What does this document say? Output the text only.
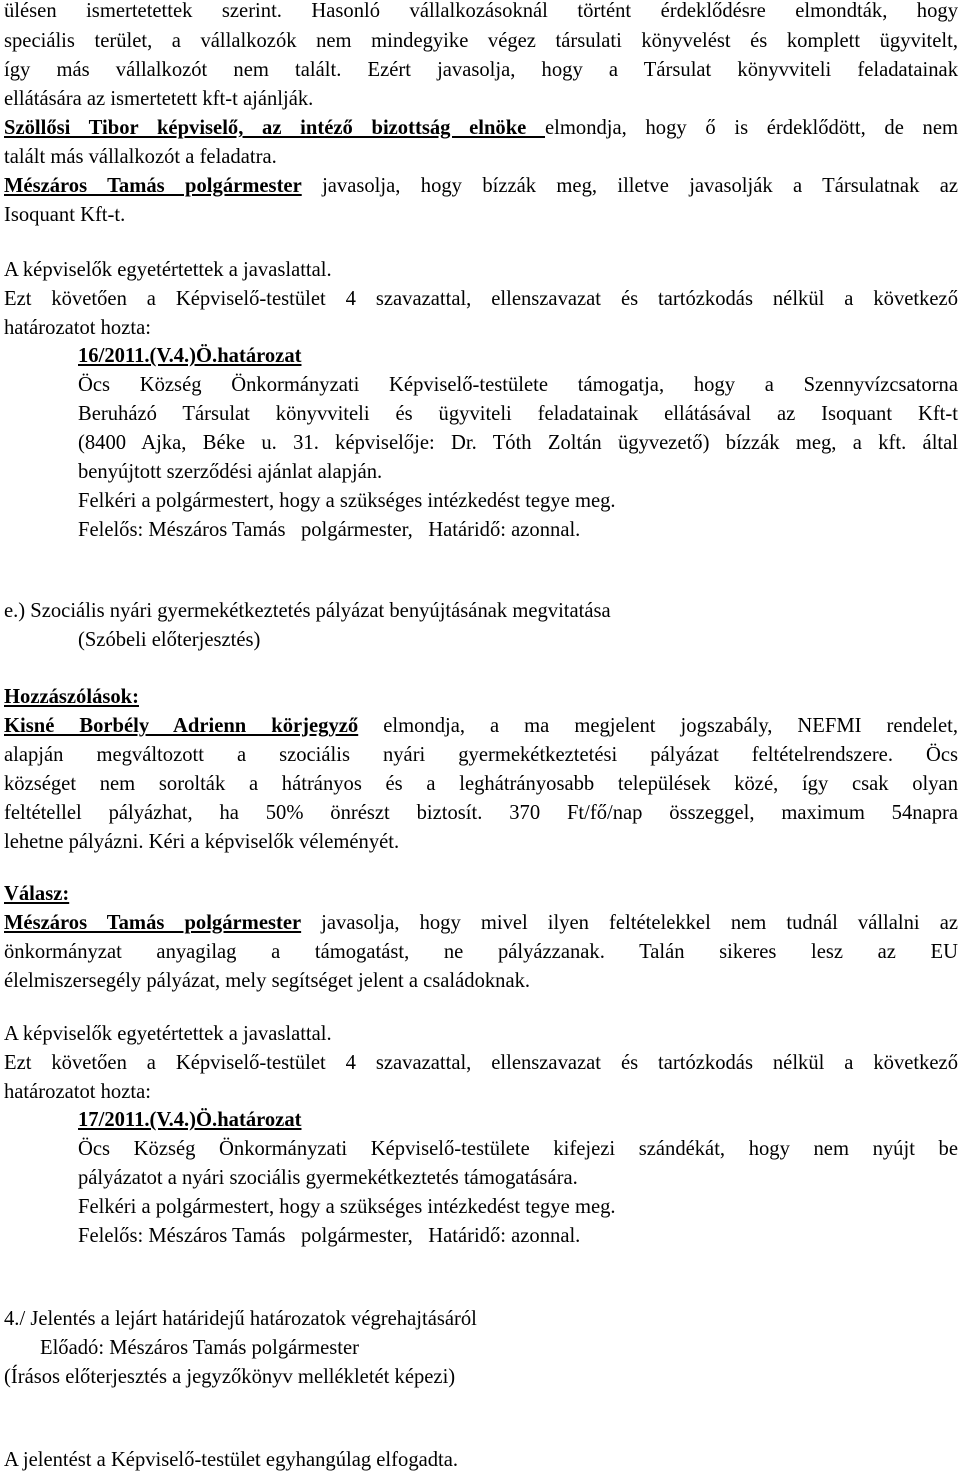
ülésen ismertetettek szerint. Hasonló vállalkozásoknál történt érdeklődésre elmondták, hogy
speciális terület, a vállalkozók nem mindegyike végez társulati könyvelést és komplett ügyvitelt,
így más vállalkozót nem talált. Ezért javasolja, hogy a Társulat könyvviteli feladatainak
ellátására az ismertetett kft-t ajánlják.
Szöllősi Tibor képviselő, az intéző bizottság elnöke elmondja, hogy ő is érdeklődött, de nem
talált más vállalkozót a feladatra.
Mészáros Tamás polgármester javasolja, hogy bízzák meg, illetve javasolják a Társulatnak az
Isoquant Kft-t.
A képviselők egyetértettek a javaslattal.
Ezt követően a Képviselő-testület 4 szavazattal, ellenszavazat és tartózkodás nélkül a következő
határozatot hozta:
16/2011.(V.4.)Ö.határozat
Öcs Község Önkormányzati Képviselő-testülete támogatja, hogy a Szennyvízcsatorna
Beruházó Társulat könyvviteli és ügyviteli feladatainak ellátásával az Isoquant Kft-t
(8400 Ajka, Béke u. 31. képviselője: Dr. Tóth Zoltán ügyvezető) bízzák meg, a kft. által
benyújtott szerződési ajánlat alapján.
Felkéri a polgármestert, hogy a szükséges intézkedést tegye meg.
Felelős: Mészáros Tamás   polgármester,   Határidő: azonnal.
e.) Szociális nyári gyermekétkeztetés pályázat benyújtásának megvitatása
(Szóbeli előterjesztés)
Hozzászólások:
Kisné Borbély Adrienn körjegyző elmondja, a ma megjelent jogszabály, NEFMI rendelet,
alapján megváltozott a szociális nyári gyermekétkeztetési pályázat feltételrendszere. Öcs
községet nem sorolták a hátrányos és a leghátrányosabb települések közé, így csak olyan
feltétellel pályázhat, ha 50% önrészt biztosít. 370 Ft/fő/nap összeggel, maximum 54napra
lehetne pályázni. Kéri a képviselők véleményét.
Válasz:
Mészáros Tamás polgármester javasolja, hogy mivel ilyen feltételekkel nem tudnál vállalni az
önkormányzat anyagilag a támogatást, ne pályázzanak. Talán sikeres lesz az EU
élelmiszersegély pályázat, mely segítséget jelent a családoknak.
A képviselők egyetértettek a javaslattal.
Ezt követően a Képviselő-testület 4 szavazattal, ellenszavazat és tartózkodás nélkül a következő
határozatot hozta:
17/2011.(V.4.)Ö.határozat
Öcs Község Önkormányzati Képviselő-testülete kifejezi szándékát, hogy nem nyújt be
pályázatot a nyári szociális gyermekétkeztetés támogatására.
Felkéri a polgármestert, hogy a szükséges intézkedést tegye meg.
Felelős: Mészáros Tamás   polgármester,   Határidő: azonnal.
4./ Jelentés a lejárt határidejű határozatok végrehajtásáról
Előadó: Mészáros Tamás polgármester
(Írásos előterjesztés a jegyzőkönyv mellékletét képezi)
A jelentést a Képviselő-testület egyhangúlag elfogadta.
